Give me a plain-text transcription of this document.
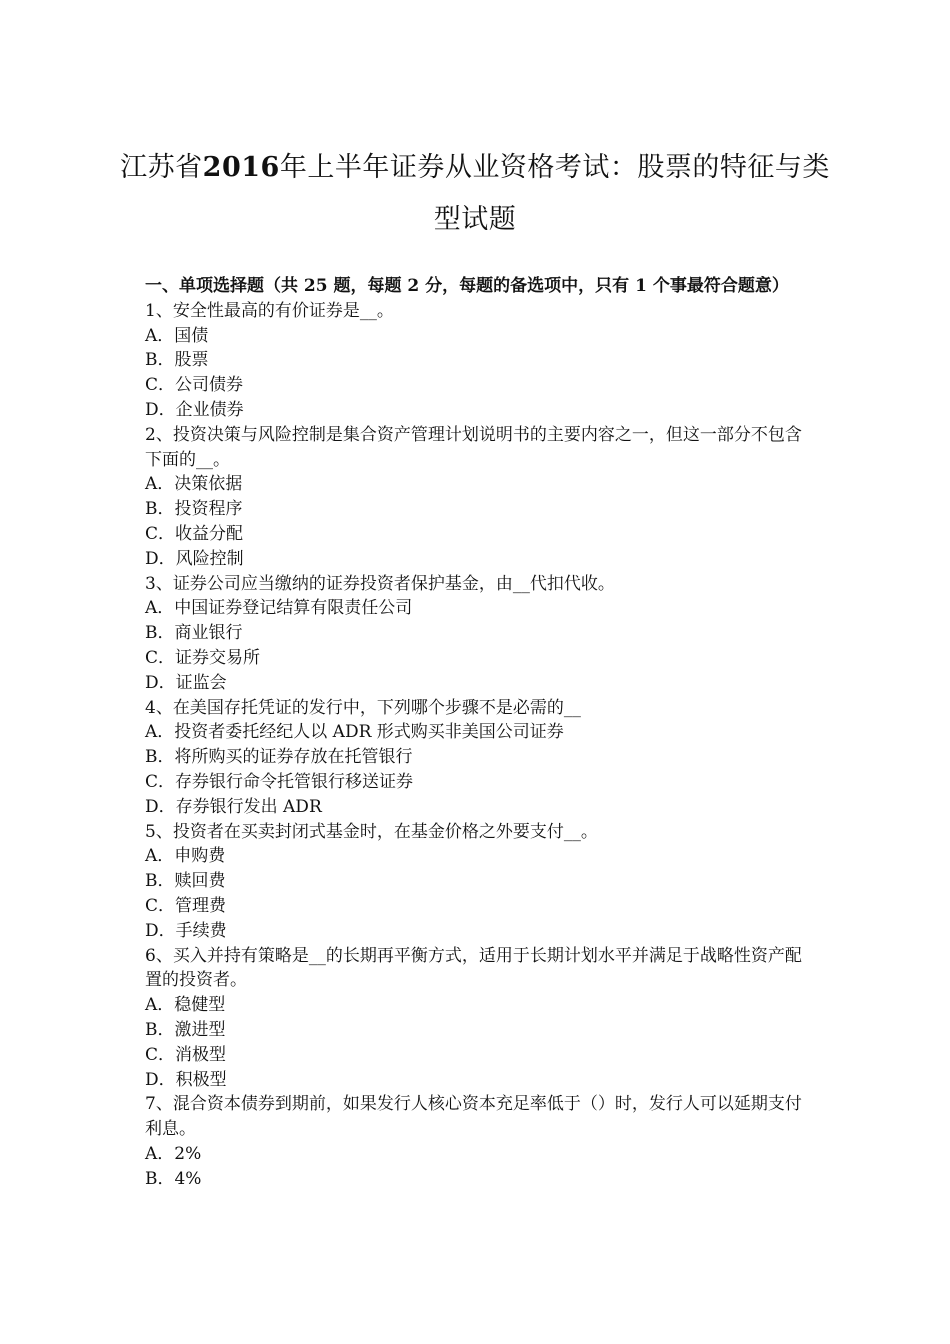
江苏省2016年上半年证券从业资格考试：股票的特征与类型试题
一、单项选择题（共 25 题，每题 2 分，每题的备选项中，只有 1 个事最符合题意）
1、安全性最高的有价证券是__。
A．国债
B．股票
C．公司债券
D．企业债券
2、投资决策与风险控制是集合资产管理计划说明书的主要内容之一，但这一部分不包含下面的__。
A．决策依据
B．投资程序
C．收益分配
D．风险控制
3、证券公司应当缴纳的证券投资者保护基金，由__代扣代收。
A．中国证券登记结算有限责任公司
B．商业银行
C．证券交易所
D．证监会
4、在美国存托凭证的发行中，下列哪个步骤不是必需的__
A．投资者委托经纪人以 ADR 形式购买非美国公司证券
B．将所购买的证券存放在托管银行
C．存券银行命令托管银行移送证券
D．存券银行发出 ADR
5、投资者在买卖封闭式基金时，在基金价格之外要支付__。
A．申购费
B．赎回费
C．管理费
D．手续费
6、买入并持有策略是__的长期再平衡方式，适用于长期计划水平并满足于战略性资产配置的投资者。
A．稳健型
B．激进型
C．消极型
D．积极型
7、混合资本债券到期前，如果发行人核心资本充足率低于（）时，发行人可以延期支付利息。
A．2%
B．4%
